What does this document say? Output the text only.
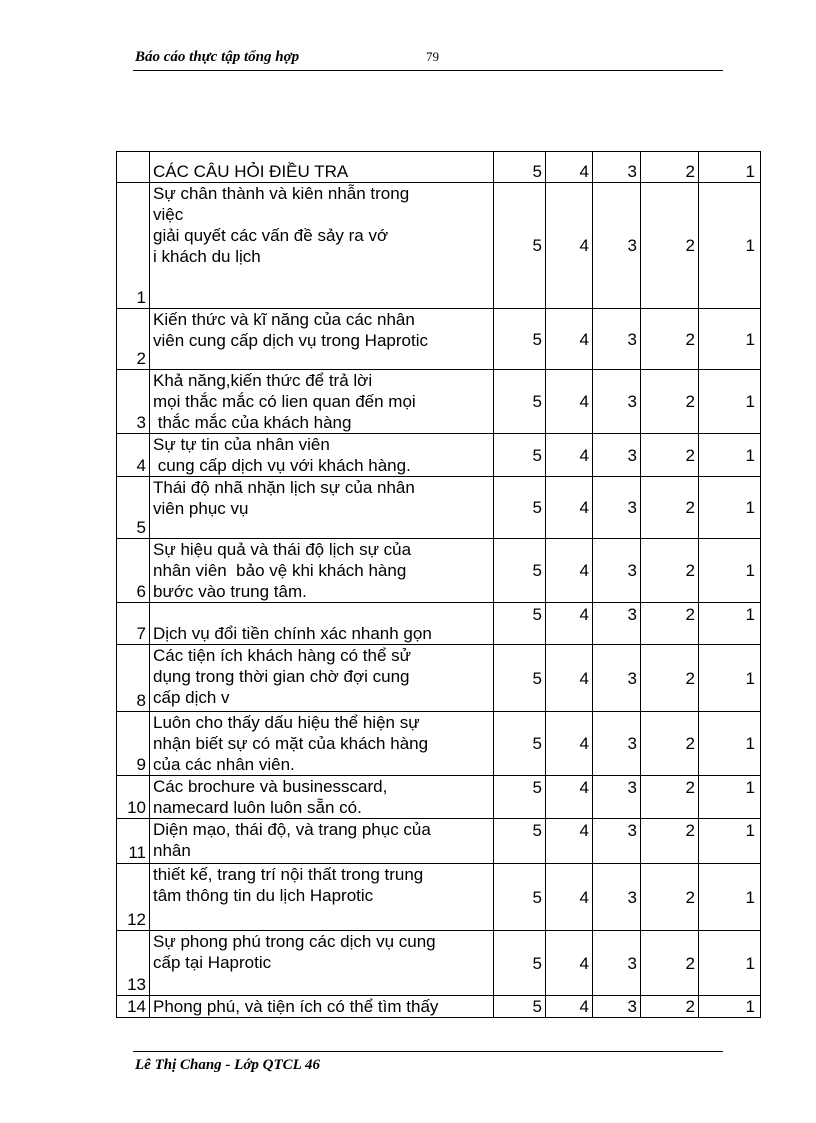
Báo cáo thực tập tổng hợp	79
	CÁC CÂU HỎI ĐIỀU TRA	5	4	3	2	1
1	Sự chân thành và kiên nhẫn trong
việc
giải quyết các vấn đề sảy ra vớ
i khách du lịch	5	4	3	2	1
2	Kiến thức và kĩ năng của các nhân
viên cung cấp dịch vụ trong Haprotic	5	4	3	2	1
3	Khả năng,kiến thức để trả lời
mọi thắc mắc có lien quan đến mọi
thắc mắc của khách hàng	5	4	3	2	1
4	Sự tự tin của nhân viên
cung cấp dịch vụ với khách hàng.	5	4	3	2	1
5	Thái độ nhã nhặn lịch sự của nhân
viên phục vụ	5	4	3	2	1
6	Sự hiệu quả và thái độ lịch sự của
nhân viên  bảo vệ khi khách hàng
bước vào trung tâm.	5	4	3	2	1
7	Dịch vụ đổi tiền chính xác nhanh gọn	5	4	3	2	1
8	Các tiện ích khách hàng có thể sử
dụng trong thời gian chờ đợi cung
cấp dịch v	5	4	3	2	1
9	Luôn cho thấy dấu hiệu thể hiện sự
nhận biết sự có mặt của khách hàng
của các nhân viên.	5	4	3	2	1
10	Các brochure và businesscard,
namecard luôn luôn sẵn có.	5	4	3	2	1
11	Diện mạo, thái độ, và trang phục của
nhân	5	4	3	2	1
12	thiết kế, trang trí nội thất trong trung
tâm thông tin du lịch Haprotic	5	4	3	2	1
13	Sự phong phú trong các dịch vụ cung
cấp tại Haprotic	5	4	3	2	1
14	Phong phú, và tiện ích có thể tìm thấy	5	4	3	2	1
Lê Thị Chang - Lớp QTCL 46
